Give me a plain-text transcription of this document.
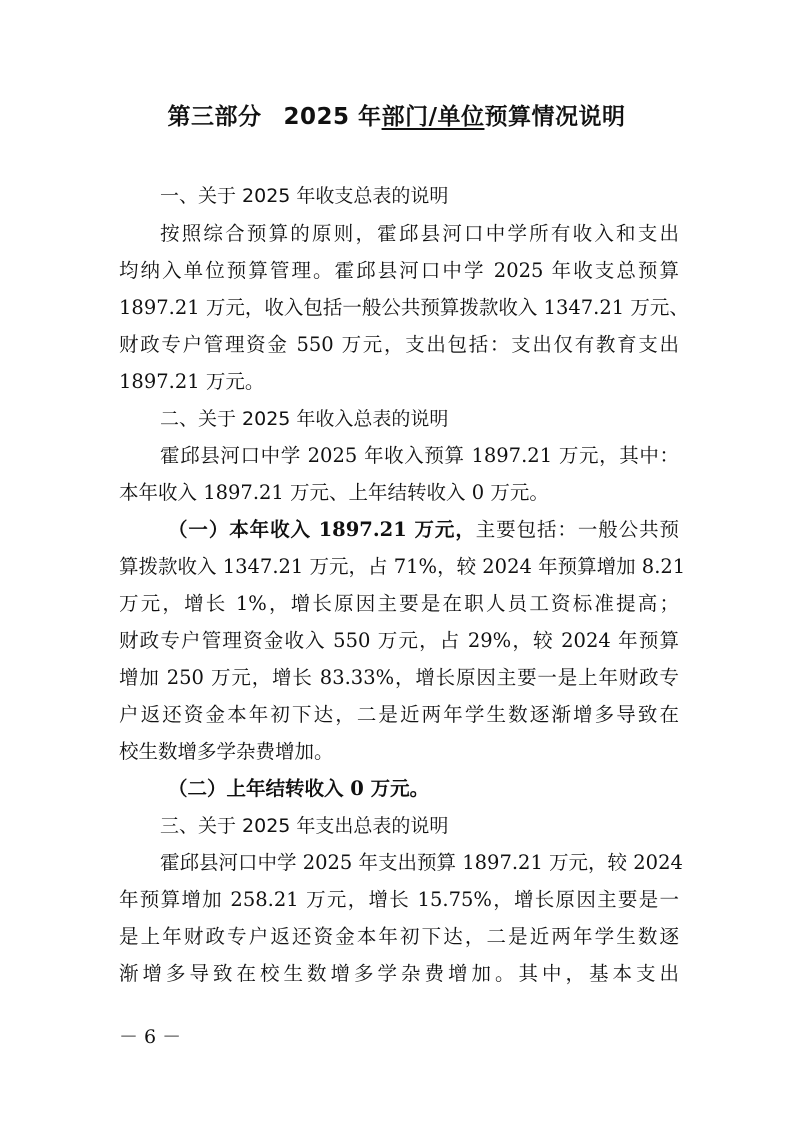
第三部分 2025 年部门/单位预算情况说明

一、关于 2025 年收支总表的说明

按照综合预算的原则，霍邱县河口中学所有收入和支出

均纳入单位预算管理。霍邱县河口中学 2025 年收支总预算

1897.21 万元，收入包括一般公共预算拨款收入 1347.21 万元、

财政专户管理资金 550 万元，支出包括：支出仅有教育支出

1897.21 万元。

二、关于 2025 年收入总表的说明

霍邱县河口中学 2025 年收入预算 1897.21 万元，其中：

本年收入 1897.21 万元、上年结转收入 0 万元。

（一）本年收入 1897.21 万元，主要包括：一般公共预

算拨款收入 1347.21 万元，占 71%，较 2024 年预算增加 8.21

万元，增长 1%，增长原因主要是在职人员工资标准提高；

财政专户管理资金收入 550 万元，占 29%，较 2024 年预算

增加 250 万元，增长 83.33%，增长原因主要一是上年财政专

户返还资金本年初下达，二是近两年学生数逐渐增多导致在

校生数增多学杂费增加。

（二）上年结转收入 0 万元。

三、关于 2025 年支出总表的说明

霍邱县河口中学 2025 年支出预算 1897.21 万元，较 2024

年预算增加 258.21 万元，增长 15.75%，增长原因主要是一

是上年财政专户返还资金本年初下达，二是近两年学生数逐

渐增多导致在校生数增多学杂费增加。其中，基本支出

－ 6 －
